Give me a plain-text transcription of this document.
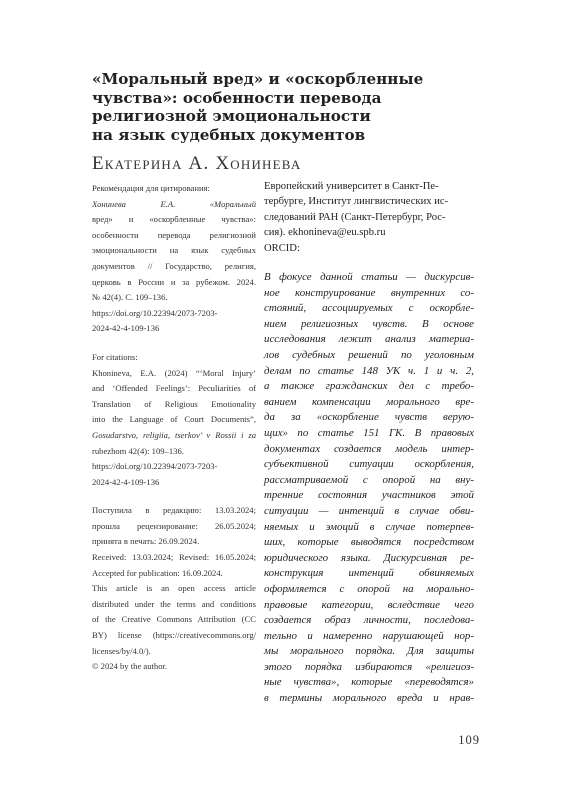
«Моральный вред» и «оскорбленные
чувства»: особенности перевода
религиозной эмоциональности
на язык судебных документов
Екатерина А. Хонинева
Рекомендация для цитирования:
Хонинева Е.А. «Моральный
вред» и «оскорбленные чувства»:
особенности перевода религиозной
эмоциональности на язык судебных
документов // Государство, религия,
церковь в России и за рубежом. 2024.
№ 42(4). С. 109–136.
https://doi.org/10.22394/2073-7203-
2024-42-4-109-136
For citations:
Khonineva, E.A. (2024) “‘Moral Injury’
and ‘Offended Feelings’: Peculiarities of
Translation of Religious Emotionality
into the Language of Court Documents”,
Gosudarstvo, religiia, tserkov’ v Rossii i za
rubezhom 42(4): 109–136.
https://doi.org/10.22394/2073-7203-
2024-42-4-109-136
Поступила в редакцию: 13.03.2024;
прошла рецензирование: 26.05.2024;
принята в печать: 26.09.2024.
Received: 13.03.2024; Revised: 16.05.2024;
Accepted for publication: 16.09.2024.
This article is an open access article
distributed under the terms and conditions
of the Creative Commons Attribution (CC
BY) license (https://creativecommons.org/
licenses/by/4.0/).
© 2024 by the author.
Европейский университет в Санкт-Пе-
тербурге, Институт лингвистических ис-
следований РАН (Санкт-Петербург, Рос-
сия). ekhonineva@eu.spb.ru
ORCID:
В фокусе данной статьи — дискурсив-
ное конструирование внутренних со-
стояний, ассоциируемых с оскорбле-
нием религиозных чувств. В основе
исследования лежит анализ материа-
лов судебных решений по уголовным
делам по статье 148 УК ч. 1 и ч. 2,
а также гражданских дел с требо-
ванием компенсации морального вре-
да за «оскорбление чувств верую-
щих» по статье 151 ГК. В правовых
документах создается модель интер-
субъективной ситуации оскорбления,
рассматриваемой с опорой на вну-
тренние состояния участников этой
ситуации — интенций в случае обви-
няемых и эмоций в случае потерпев-
ших, которые выводятся посредством
юридического языка. Дискурсивная ре-
конструкция интенций обвиняемых
оформляется с опорой на морально-
правовые категории, вследствие чего
создается образ личности, последова-
тельно и намеренно нарушающей нор-
мы морального порядка. Для защиты
этого порядка избираются «религиоз-
ные чувства», которые «переводятся»
в термины морального вреда и нрав-
109
